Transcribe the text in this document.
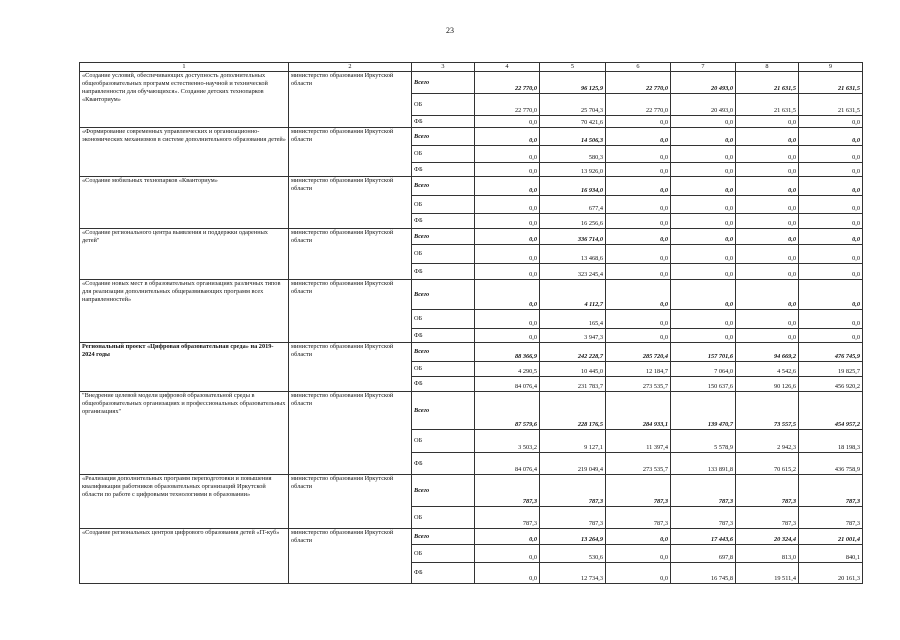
23
1	2	3	4	5	6	7	8	9
«Создание условий, обеспечивающих доступность дополнительных общеобразовательных программ естественно-научной и технической направленности для обучающихся». Создание детских технопарков «Кванториум»	министерство образования Иркутской области	Всего	22 770,0	96 125,9	22 770,0	20 493,0	21 631,5	21 631,5
		ОБ	22 770,0	25 704,3	22 770,0	20 493,0	21 631,5	21 631,5
		ФБ	0,0	70 421,6	0,0	0,0	0,0	0,0
«Формирование современных управленческих и организационно-экономических механизмов в системе дополнительного образования детей»	министерство образования Иркутской области	Всего	0,0	14 506,3	0,0	0,0	0,0	0,0
		ОБ	0,0	580,3	0,0	0,0	0,0	0,0
		ФБ	0,0	13 926,0	0,0	0,0	0,0	0,0
«Создание мобильных технопарков «Кванториум»	министерство образования Иркутской области	Всего	0,0	16 934,0	0,0	0,0	0,0	0,0
		ОБ	0,0	677,4	0,0	0,0	0,0	0,0
		ФБ	0,0	16 256,6	0,0	0,0	0,0	0,0
«Создание регионального центра выявления и поддержки одаренных детей"	министерство образования Иркутской области	Всего	0,0	336 714,0	0,0	0,0	0,0	0,0
		ОБ	0,0	13 468,6	0,0	0,0	0,0	0,0
		ФБ	0,0	323 245,4	0,0	0,0	0,0	0,0
«Создание новых мест в образовательных организациях различных типов для реализации дополнительных общеразвивающих программ всех направленностей»	министерство образования Иркутской области	Всего	0,0	4 112,7	0,0	0,0	0,0	0,0
		ОБ	0,0	165,4	0,0	0,0	0,0	0,0
		ФБ	0,0	3 947,3	0,0	0,0	0,0	0,0
Региональный проект «Цифровая образовательная среда» на 2019-2024 годы	министерство образования Иркутской области	Всего	88 366,9	242 228,7	285 720,4	157 701,6	94 669,2	476 745,9
		ОБ	4 290,5	10 445,0	12 184,7	7 064,0	4 542,6	19 825,7
		ФБ	84 076,4	231 783,7	273 535,7	150 637,6	90 126,6	456 920,2
"Внедрение целевой модели цифровой образовательной среды в общеобразовательных организациях и профессиональных образовательных организациях"	министерство образования Иркутской области	Всего	87 579,6	228 176,5	284 933,1	139 470,7	73 557,5	454 957,2
		ОБ	3 503,2	9 127,1	11 397,4	5 578,9	2 942,3	18 198,3
		ФБ	84 076,4	219 049,4	273 535,7	133 891,8	70 615,2	436 758,9
«Реализация дополнительных программ переподготовки и повышения квалификации работников образовательных организаций Иркутской области по работе с цифровыми технологиями в образовании»	министерство образования Иркутской области	Всего	787,3	787,3	787,3	787,3	787,3	787,3
		ОБ	787,3	787,3	787,3	787,3	787,3	787,3
«Создание региональных центров цифрового образования детей «IT-куб»	министерство образования Иркутской области	Всего	0,0	13 264,9	0,0	17 443,6	20 324,4	21 001,4
		ОБ	0,0	530,6	0,0	697,8	813,0	840,1
		ФБ	0,0	12 734,3	0,0	16 745,8	19 511,4	20 161,3
